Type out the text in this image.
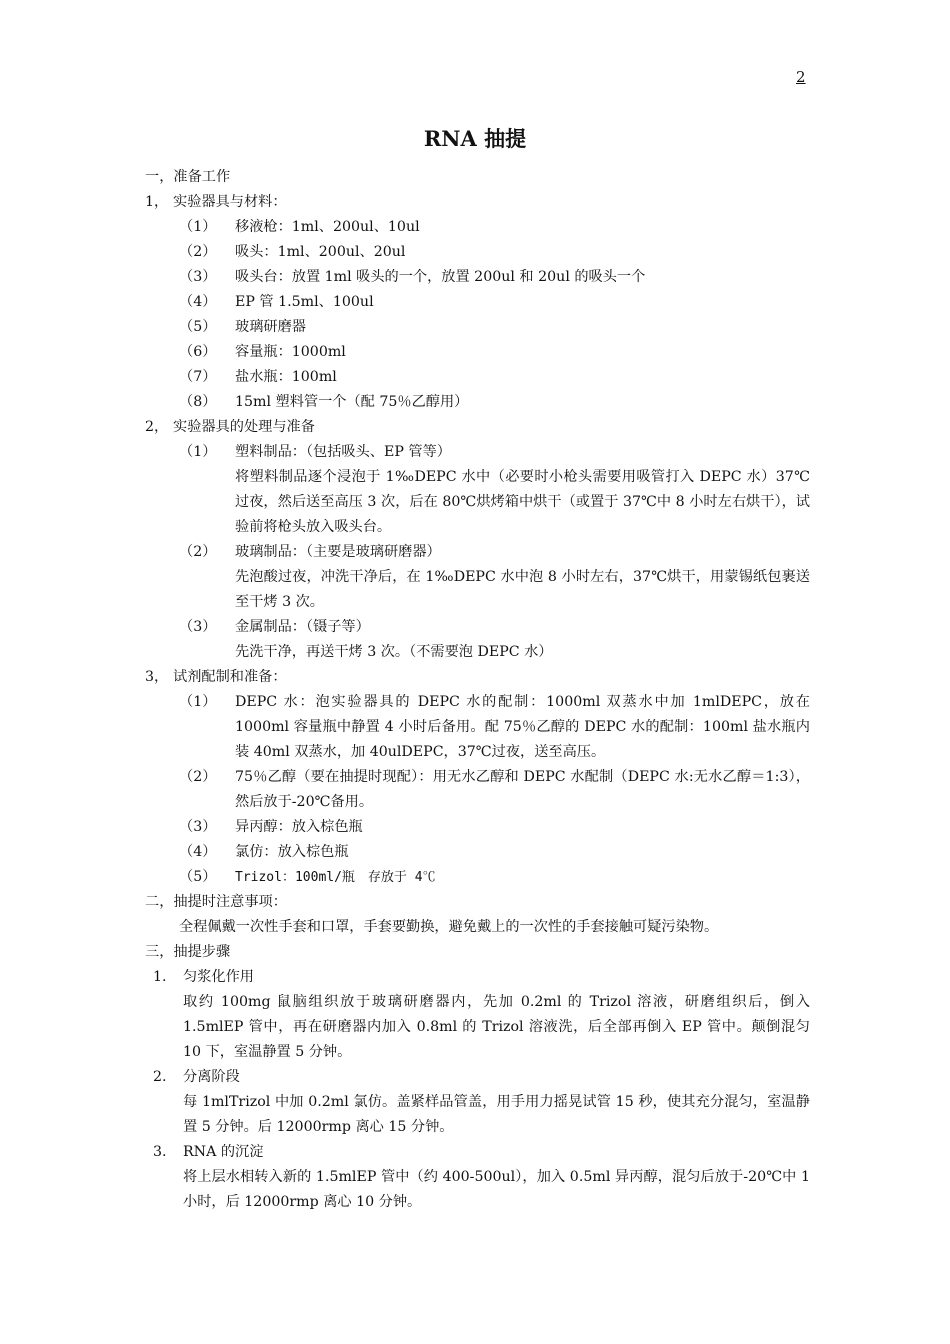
2
RNA 抽提
一，准备工作
1， 实验器具与材料：
（1） 移液枪：1ml、200ul、10ul
（2） 吸头：1ml、200ul、20ul
（3） 吸头台：放置 1ml 吸头的一个，放置 200ul 和 20ul 的吸头一个
（4） EP 管 1.5ml、100ul
（5） 玻璃研磨器
（6） 容量瓶：1000ml
（7） 盐水瓶：100ml
（8） 15ml 塑料管一个（配 75％乙醇用）
2， 实验器具的处理与准备
（1） 塑料制品：（包括吸头、EP 管等）
将塑料制品逐个浸泡于 1‰DEPC 水中（必要时小枪头需要用吸管打入 DEPC 水）37℃过夜，然后送至高压 3 次，后在 80℃烘烤箱中烘干（或置于 37℃中 8 小时左右烘干），试验前将枪头放入吸头台。
（2） 玻璃制品：（主要是玻璃研磨器）
先泡酸过夜，冲洗干净后，在 1‰DEPC 水中泡 8 小时左右，37℃烘干，用蒙锡纸包裹送至干烤 3 次。
（3） 金属制品：（镊子等）
先洗干净，再送干烤 3 次。（不需要泡 DEPC 水）
3， 试剂配制和准备：
（1）	DEPC 水：泡实验器具的 DEPC 水的配制：1000ml 双蒸水中加 1mlDEPC，放在 1000ml 容量瓶中静置 4 小时后备用。配 75％乙醇的 DEPC 水的配制：100ml 盐水瓶内装 40ml 双蒸水，加 40ulDEPC，37℃过夜，送至高压。
（2）	75％乙醇（要在抽提时现配）：用无水乙醇和 DEPC 水配制（DEPC 水:无水乙醇＝1:3），然后放于-20℃备用。
（3） 异丙醇：放入棕色瓶
（4） 氯仿：放入棕色瓶
（5） Trizol：100ml/瓶　存放于 4℃
二，抽提时注意事项：
全程佩戴一次性手套和口罩，手套要勤换，避免戴上的一次性的手套接触可疑污染物。
三，抽提步骤
1. 匀浆化作用
取约 100mg 鼠脑组织放于玻璃研磨器内，先加 0.2ml 的 Trizol 溶液，研磨组织后，倒入 1.5mlEP 管中，再在研磨器内加入 0.8ml 的 Trizol 溶液洗，后全部再倒入 EP 管中。颠倒混匀 10 下，室温静置 5 分钟。
2. 分离阶段
每 1mlTrizol 中加 0.2ml 氯仿。盖紧样品管盖，用手用力摇晃试管 15 秒，使其充分混匀，室温静置 5 分钟。后 12000rmp 离心 15 分钟。
3. RNA 的沉淀
将上层水相转入新的 1.5mlEP 管中（约 400-500ul），加入 0.5ml 异丙醇，混匀后放于-20℃中 1 小时，后 12000rmp 离心 10 分钟。
